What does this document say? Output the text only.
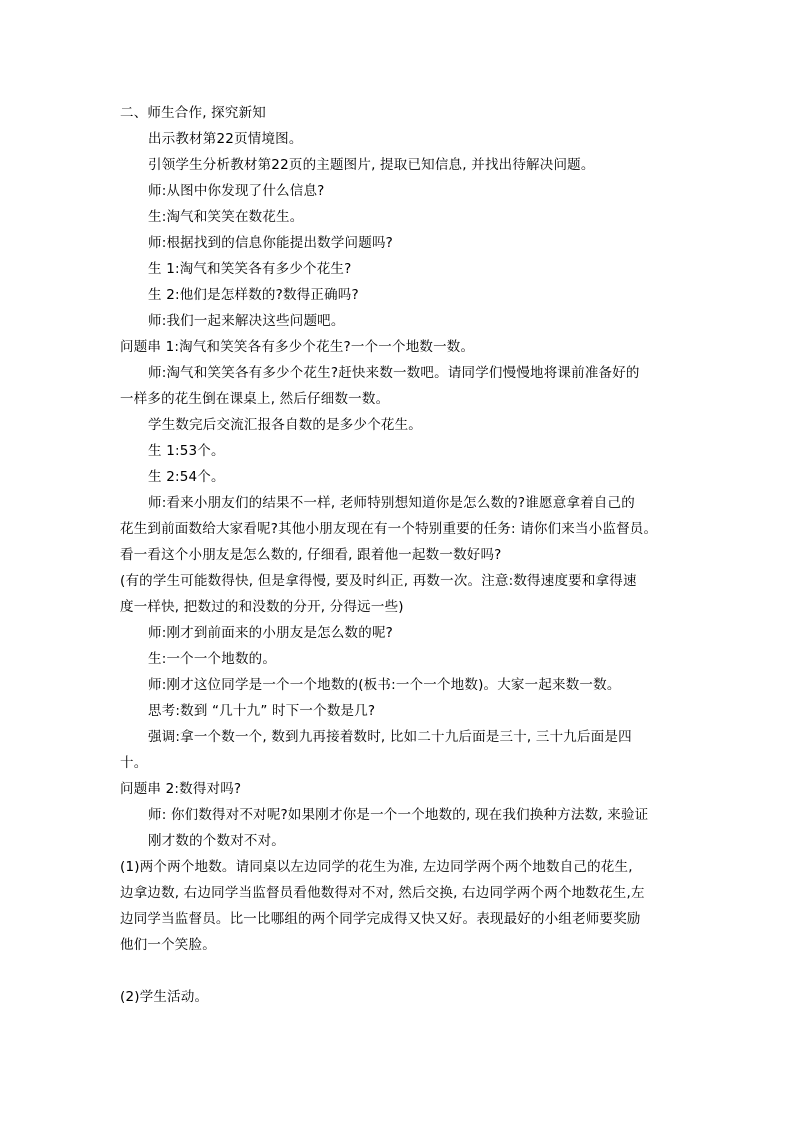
二、师生合作, 探究新知
出示教材第22页情境图。
引领学生分析教材第22页的主题图片, 提取已知信息, 并找出待解决问题。
师:从图中你发现了什么信息?
生:淘气和笑笑在数花生。
师:根据找到的信息你能提出数学问题吗?
生 1:淘气和笑笑各有多少个花生?
生 2:他们是怎样数的?数得正确吗?
师:我们一起来解决这些问题吧。
问题串 1:淘气和笑笑各有多少个花生?一个一个地数一数。
师:淘气和笑笑各有多少个花生?赶快来数一数吧。请同学们慢慢地将课前准备好的
一样多的花生倒在课桌上, 然后仔细数一数。
学生数完后交流汇报各自数的是多少个花生。
生 1:53个。
生 2:54个。
师:看来小朋友们的结果不一样, 老师特别想知道你是怎么数的?谁愿意拿着自己的
花生到前面数给大家看呢?其他小朋友现在有一个特别重要的任务: 请你们来当小监督员。
看一看这个小朋友是怎么数的, 仔细看, 跟着他一起数一数好吗?
(有的学生可能数得快, 但是拿得慢, 要及时纠正, 再数一次。注意:数得速度要和拿得速
度一样快, 把数过的和没数的分开, 分得远一些)
师:刚才到前面来的小朋友是怎么数的呢?
生:一个一个地数的。
师:刚才这位同学是一个一个地数的(板书:一个一个地数)。大家一起来数一数。
思考:数到 “几十九” 时下一个数是几?
强调:拿一个数一个, 数到九再接着数时, 比如二十九后面是三十, 三十九后面是四
十。
问题串 2:数得对吗?
师: 你们数得对不对呢?如果刚才你是一个一个地数的, 现在我们换种方法数, 来验证
刚才数的个数对不对。
(1)两个两个地数。请同桌以左边同学的花生为准, 左边同学两个两个地数自己的花生,
边拿边数, 右边同学当监督员看他数得对不对, 然后交换, 右边同学两个两个地数花生,左
边同学当监督员。比一比哪组的两个同学完成得又快又好。表现最好的小组老师要奖励
他们一个笑脸。
(2)学生活动。
